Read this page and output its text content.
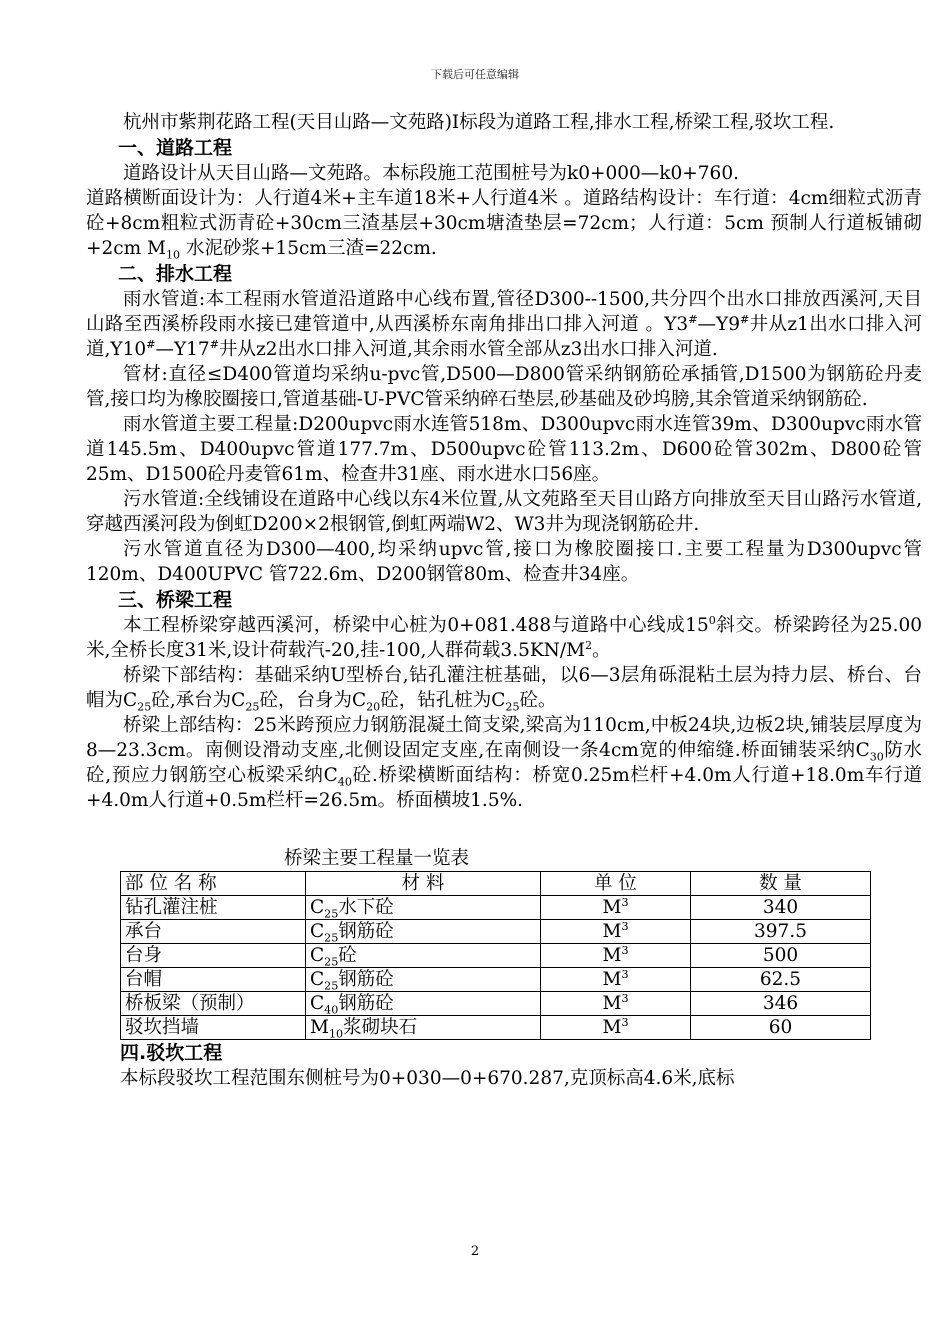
下载后可任意编辑

杭州市紫荆花路工程(天目山路—文苑路)Ⅰ标段为道路工程,排水工程,桥梁工程,驳坎工程.

一、道路工程

道路设计从天目山路—文苑路。本标段施工范围桩号为k0+000—k0+760.

道路横断面设计为：人行道4米+主车道18米+人行道4米 。道路结构设计：车行道：4cm细粒式沥青砼+8cm粗粒式沥青砼+30cm三渣基层+30cm塘渣垫层=72cm；人行道：5cm 预制人行道板铺砌+2cm $M_{10}$ 水泥砂浆+15cm三渣=22cm.

二、排水工程

雨水管道:本工程雨水管道沿道路中心线布置,管径D300--1500,共分四个出水口排放西溪河,天目山路至西溪桥段雨水接已建管道中,从西溪桥东南角排出口排入河道 。Y3#—Y9#井从z1出水口排入河道,Y10#—Y17#井从z2出水口排入河道,其余雨水管全部从z3出水口排入河道.

管材:直径≤D400管道均采纳u-pvc管,D500—D800管采纳钢筋砼承插管,D1500为钢筋砼丹麦管,接口均为橡胶圈接口,管道基础-U-PVC管采纳碎石垫层,砂基础及砂坞膀,其余管道采纳钢筋砼.

雨水管道主要工程量:D200upvc雨水连管518m、D300upvc雨水连管39m、D300upvc雨水管道145.5m、D400upvc管道177.7m、D500upvc砼管113.2m、D600砼管302m、D800砼管25m、D1500砼丹麦管61m、检查井31座、雨水进水口56座。

污水管道:全线铺设在道路中心线以东4米位置,从文苑路至天目山路方向排放至天目山路污水管道,穿越西溪河段为倒虹D200×2根钢管,倒虹两端W2、W3井为现浇钢筋砼井.

污水管道直径为D300—400,均采纳upvc管,接口为橡胶圈接口.主要工程量为D300upvc管120m、D400UPVC 管722.6m、D200钢管80m、检查井34座。

三、桥梁工程

本工程桥梁穿越西溪河，桥梁中心桩为0+081.488与道路中心线成$15^0$斜交。桥梁跨径为25.00米,全桥长度31米,设计荷载汽-20,挂-100,人群荷载$3.5KN/M^2$。

桥梁下部结构：基础采纳U型桥台,钻孔灌注桩基础，以6—3层角砾混粘土层为持力层、桥台、台帽为$C_{25}$砼,承台为$C_{25}$砼，台身为$C_{20}$砼，钻孔桩为$C_{25}$砼。

桥梁上部结构：25米跨预应力钢筋混凝土简支梁,梁高为110cm,中板24块,边板2块,铺装层厚度为8—23.3cm。南侧设滑动支座,北侧设固定支座,在南侧设一条4cm宽的伸缩缝.桥面铺装采纳$C_{30}$防水砼,预应力钢筋空心板梁采纳$C_{40}$砼.桥梁横断面结构：桥宽0.25m栏杆+4.0m人行道+18.0m车行道+4.0m人行道+0.5m栏杆=26.5m。桥面横坡1.5%.

桥梁主要工程量一览表
部 位 名 称	材 料	单 位	数 量
钻孔灌注桩	$C_{25}$水下砼	$M^3$	340
承台	$C_{25}$钢筋砼	$M^3$	397.5
台身	$C_{25}$砼	$M^3$	500
台帽	$C_{25}$钢筋砼	$M^3$	62.5
桥板梁（预制）	$C_{40}$钢筋砼	$M^3$	346
驳坎挡墙	$M_{10}$浆砌块石	$M^3$	60
四.驳坎工程

本标段驳坎工程范围东侧桩号为0+030—0+670.287,克顶标高4.6米,底标

2
